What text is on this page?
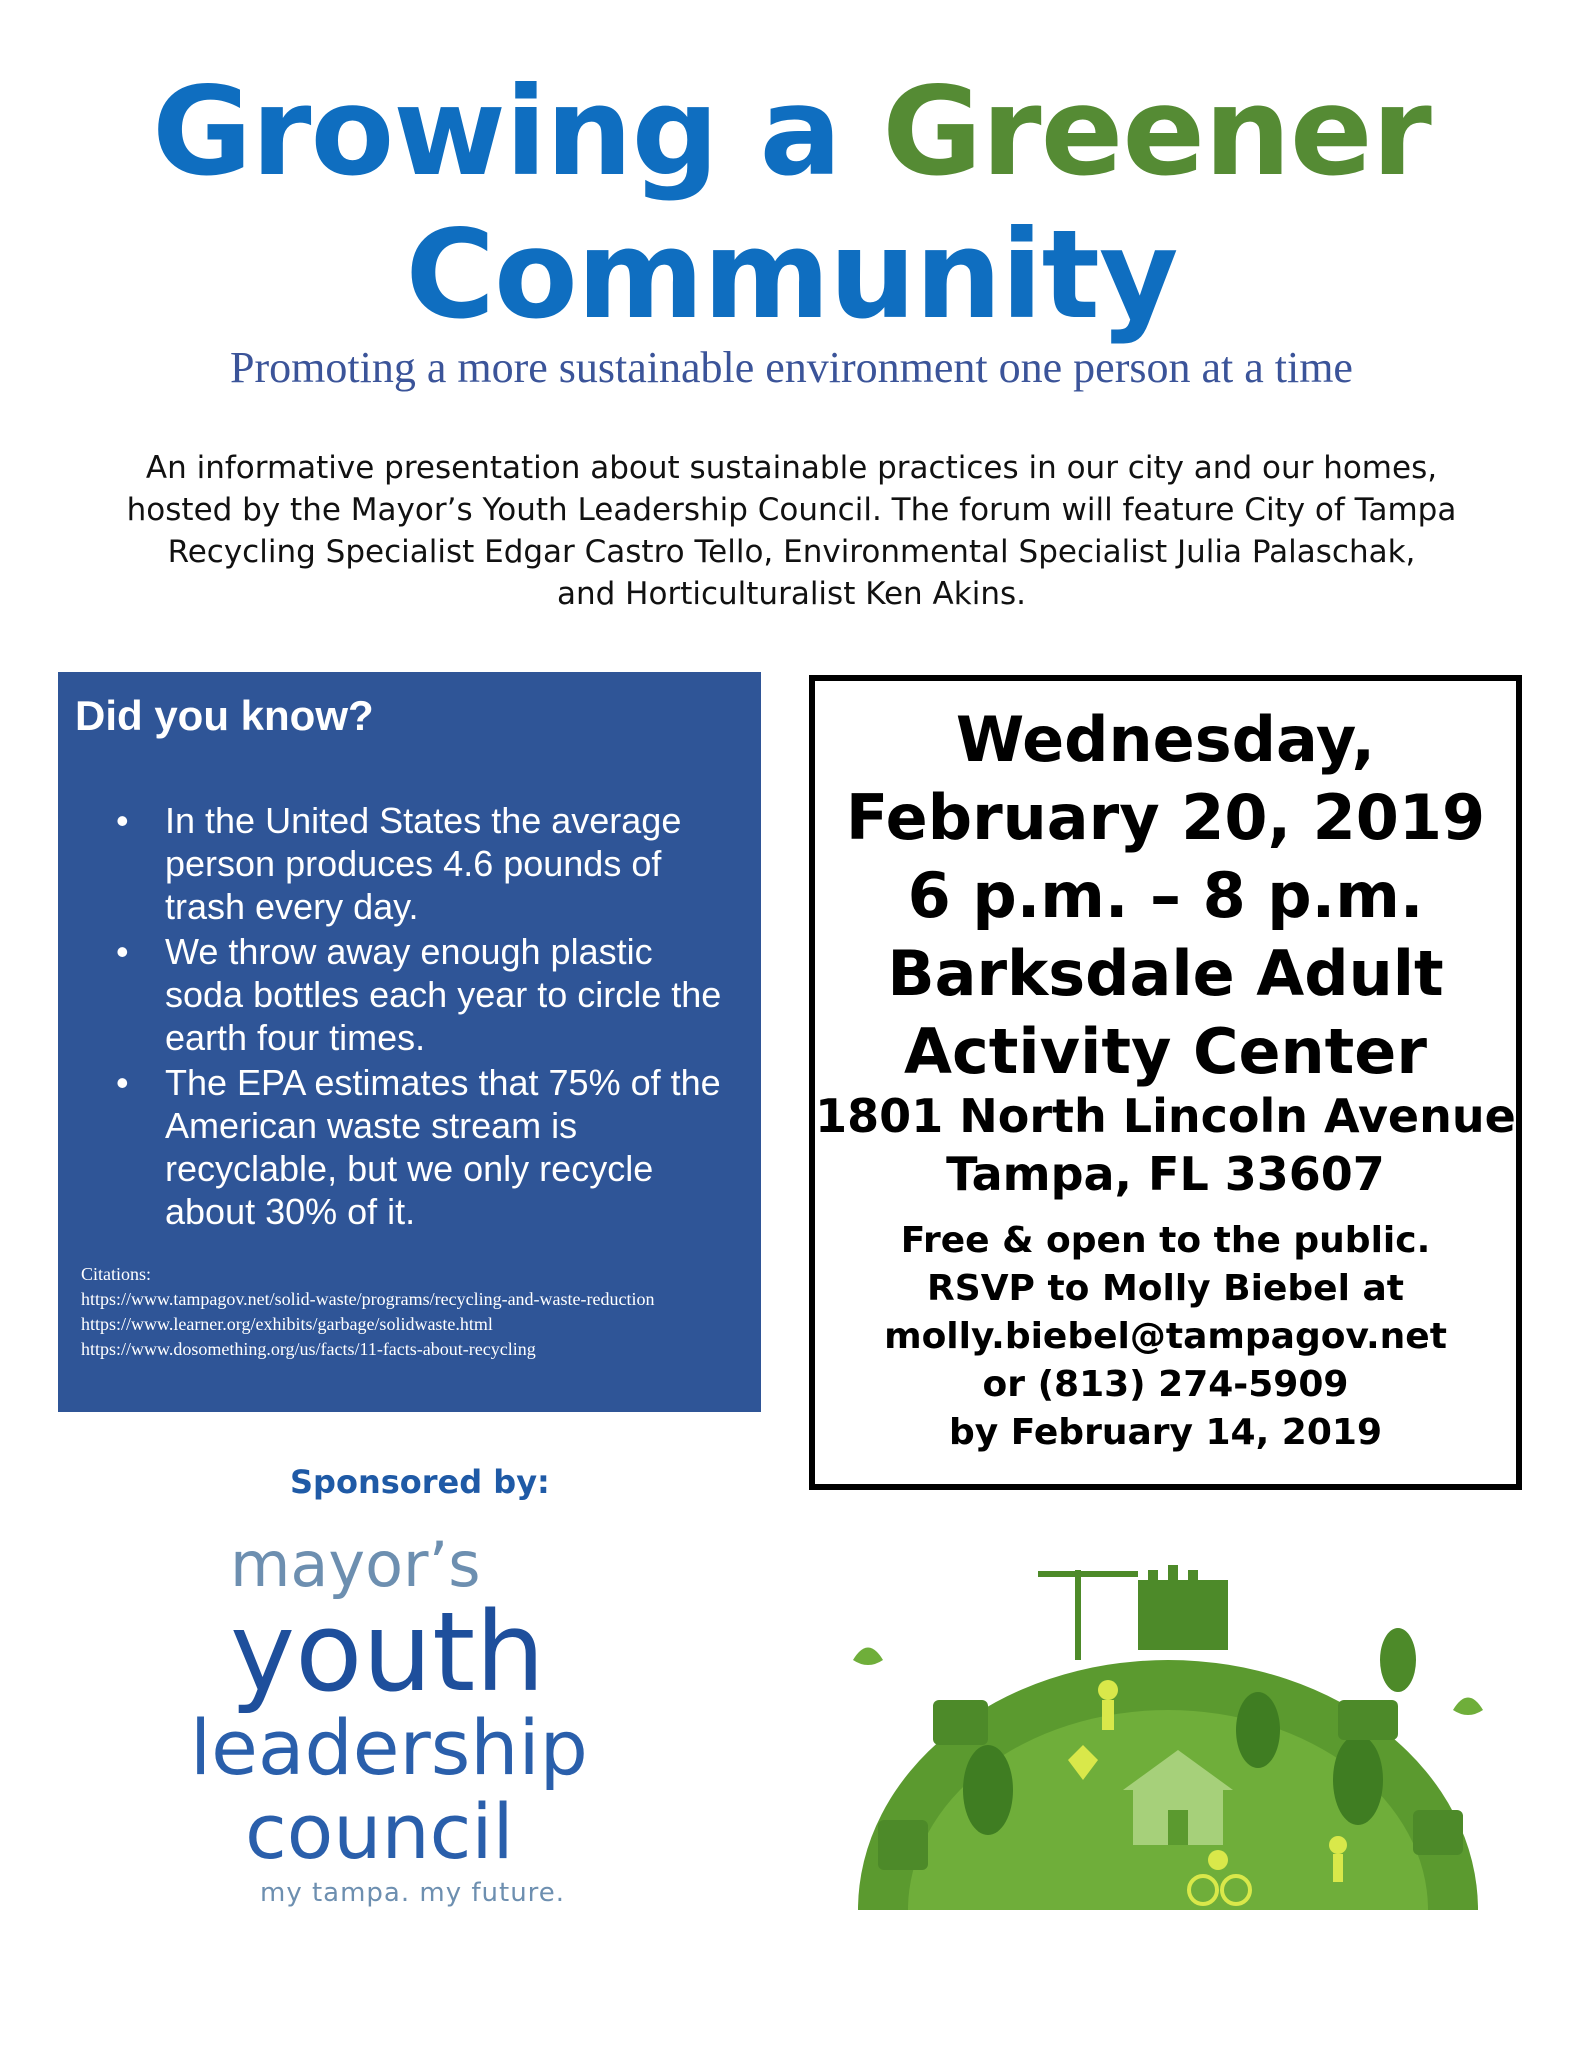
Growing a Greener
Community
Promoting a more sustainable environment one person at a time
An informative presentation about sustainable practices in our city and our homes,
hosted by the Mayor’s Youth Leadership Council. The forum will feature City of Tampa
Recycling Specialist Edgar Castro Tello, Environmental Specialist Julia Palaschak,
and Horticulturalist Ken Akins.
Did you know?
• In the United States the average person produces 4.6 pounds of trash every day.
• We throw away enough plastic soda bottles each year to circle the earth four times.
• The EPA estimates that 75% of the American waste stream is recyclable, but we only recycle about 30% of it.
Citations:
https://www.tampagov.net/solid-waste/programs/recycling-and-waste-reduction
https://www.learner.org/exhibits/garbage/solidwaste.html
https://www.dosomething.org/us/facts/11-facts-about-recycling
Wednesday,
February 20, 2019
6 p.m. – 8 p.m.
Barksdale Adult
Activity Center
1801 North Lincoln Avenue
Tampa, FL 33607
Free & open to the public.
RSVP to Molly Biebel at
molly.biebel@tampagov.net
or (813) 274-5909
by February 14, 2019
Sponsored by:
mayor’s
youth
leadership
council
my tampa. my future.
